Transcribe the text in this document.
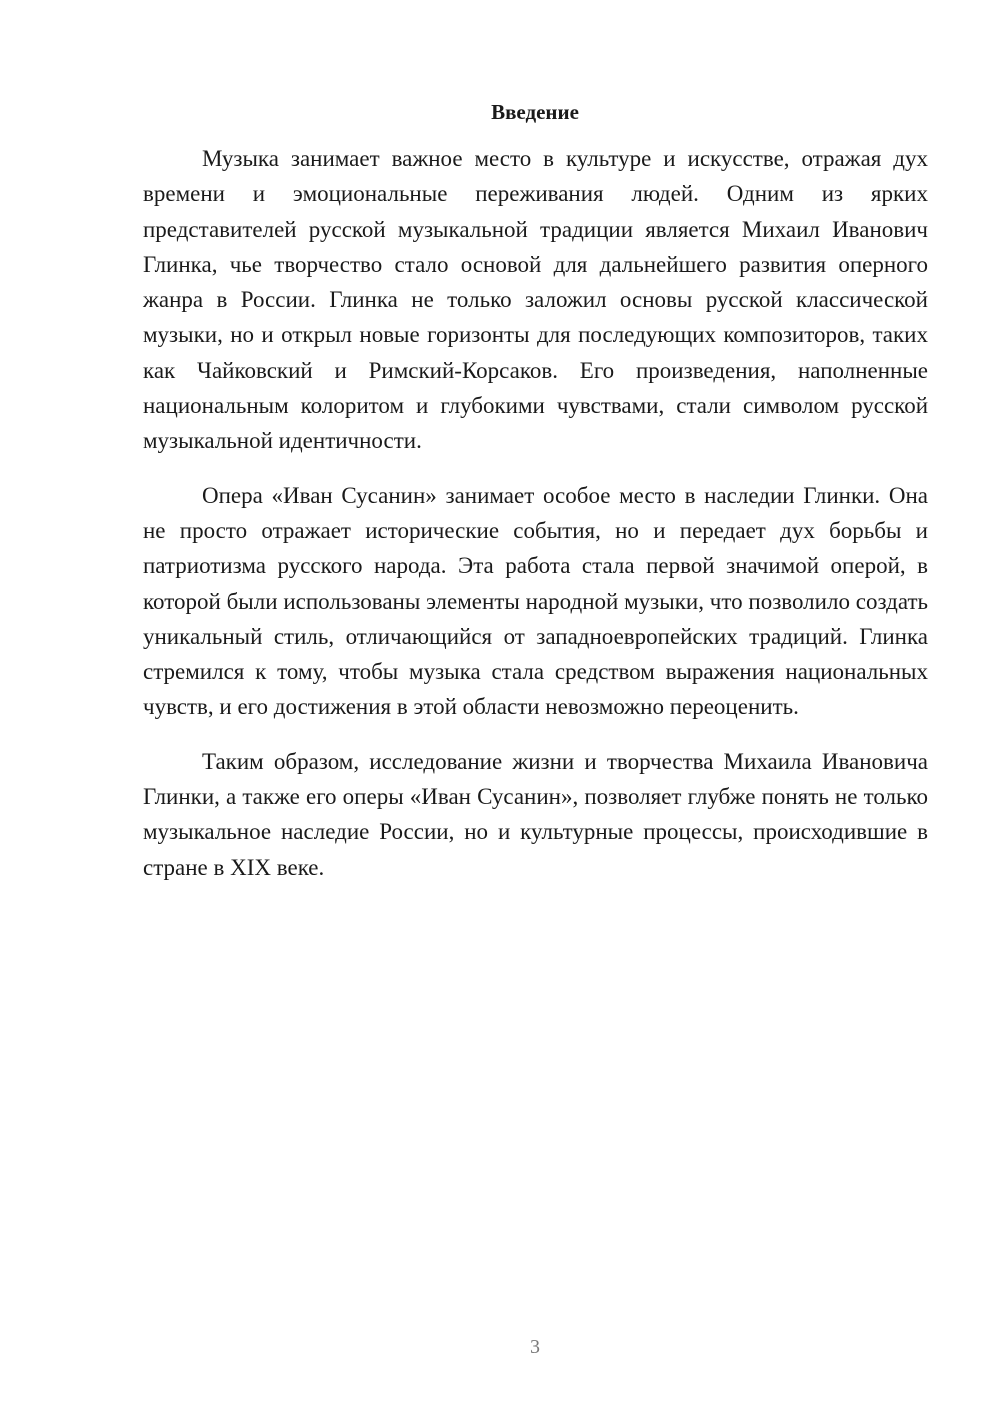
Введение

Музыка занимает важное место в культуре и искусстве, отражая дух времени и эмоциональные переживания людей. Одним из ярких представителей русской музыкальной традиции является Михаил Иванович Глинка, чье творчество стало основой для дальнейшего развития оперного жанра в России. Глинка не только заложил основы русской классической музыки, но и открыл новые горизонты для последующих композиторов, таких как Чайковский и Римский-Корсаков. Его произведения, наполненные национальным колоритом и глубокими чувствами, стали символом русской музыкальной идентичности.

Опера «Иван Сусанин» занимает особое место в наследии Глинки. Она не просто отражает исторические события, но и передает дух борьбы и патриотизма русского народа. Эта работа стала первой значимой оперой, в которой были использованы элементы народной музыки, что позволило создать уникальный стиль, отличающийся от западноевропейских традиций. Глинка стремился к тому, чтобы музыка стала средством выражения национальных чувств, и его достижения в этой области невозможно переоценить.

Таким образом, исследование жизни и творчества Михаила Ивановича Глинки, а также его оперы «Иван Сусанин», позволяет глубже понять не только музыкальное наследие России, но и культурные процессы, происходившие в стране в XIX веке.

3
